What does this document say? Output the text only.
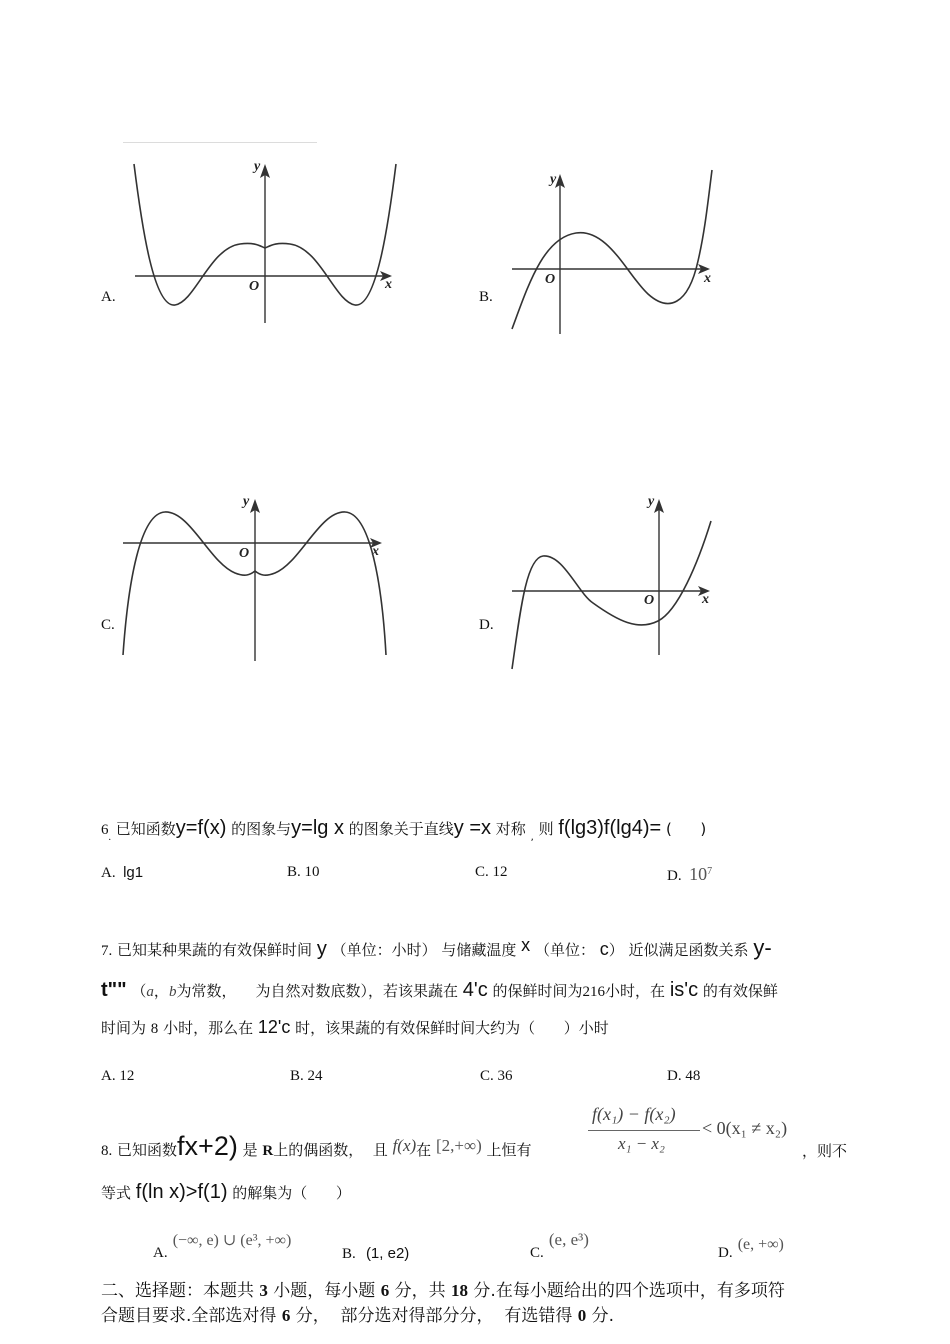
A.
y
x
O
B.
y
x
O
C.
y
x
O
D.
y
x
O
$6_.$ 已知函数y=f(x) 的图象与y=lg x 的图象关于直线y =x 对称 $_,$ 则 f(lg3)f(lg4)= (      )
A. lg1	B. 10	C. 12	D. $10^7$
7. 已知某种果蔬的有效保鲜时间 y （单位：小时） 与储藏温度 x （单位： c） 近似满足函数关系 y-
t"" （a，b为常数，    为自然对数底数），若该果蔬在 4'c 的保鲜时间为216小时，在 is'c 的有效保鲜
时间为 8 小时，那么在 12'c 时，该果蔬的有效保鲜时间大约为（      ）小时
A. 12	B. 24	C. 36	D. 48
8. 已知函数fx+2) 是 R上的偶函数，  且 f(x)在 [2,+∞) 上恒有
f(x₁) − f(x₂)
x₁ − x₂
< 0(x₁ ≠ x₂)
，则不
等式 f(ln x)>f(1) 的解集为（      ）
A. (−∞, e) ∪ (e³, +∞)
B. (1, e2)	C. (e, e³)
D. (e, +∞)
二、选择题：本题共 3 小题，每小题 6 分，共 18 分.在每小题给出的四个选项中，有多项符
合题目要求.全部选对得 6 分，  部分选对得部分分，  有选错得 0 分.
